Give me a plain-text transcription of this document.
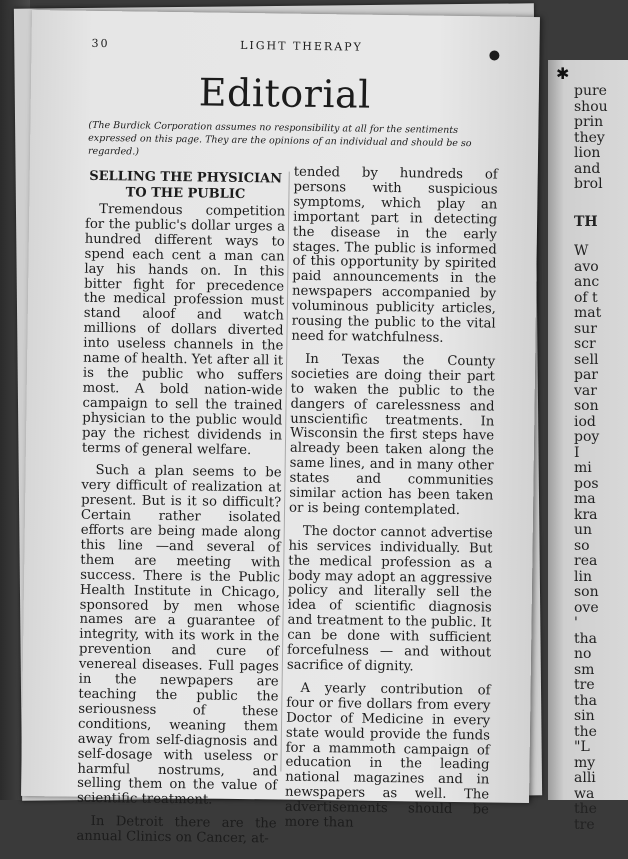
✱
pure
shou
prin
they
lion
and
brol
TH
W
avo
anc
of t
mat
sur
scr
sell
par
var
son
iod
poy
I
mi
pos
ma
kra
un
so
rea
lin
son
ove
'
tha
no
sm
tre
tha
sin
the
"L
my
alli
wa
the
tre
30	LIGHT THERAPY
Editorial
(The Burdick Corporation assumes no responsibility at all for the sentiments expressed on this page. They are the opinions of an individual and should be so regarded.)
SELLING THE PHYSICIAN TO THE PUBLIC

Tremendous competition for the public's dollar urges a hundred different ways to spend each cent a man can lay his hands on. In this bitter fight for precedence the medical profession must stand aloof and watch millions of dollars diverted into useless channels in the name of health. Yet after all it is the public who suffers most. A bold nation-wide campaign to sell the trained physician to the public would pay the richest dividends in terms of general welfare.

Such a plan seems to be very difficult of realization at present. But is it so difficult? Certain rather isolated efforts are being made along this line —and several of them are meeting with success. There is the Public Health Institute in Chicago, sponsored by men whose names are a guarantee of integrity, with its work in the prevention and cure of venereal diseases. Full pages in the newpapers are teaching the public the seriousness of these conditions, weaning them away from self-diagnosis and self-dosage with useless or harmful nostrums, and selling them on the value of scientific treatment.

In Detroit there are the annual Clinics on Cancer, at-

tended by hundreds of persons with suspicious symptoms, which play an important part in detecting the disease in the early stages. The public is informed of this opportunity by spirited paid announcements in the newspapers accompanied by voluminous publicity articles, rousing the public to the vital need for watchfulness.

In Texas the County societies are doing their part to waken the public to the dangers of carelessness and unscientific treatments. In Wisconsin the first steps have already been taken along the same lines, and in many other states and communities similar action has been taken or is being contemplated.

The doctor cannot advertise his services individually. But the medical profession as a body may adopt an aggressive policy and literally sell the idea of scientific diagnosis and treatment to the public. It can be done with sufficient forcefulness — and without sacrifice of dignity.

A yearly contribution of four or five dollars from every Doctor of Medicine in every state would provide the funds for a mammoth campaign of education in the leading national magazines and in newspapers as well. The advertisements should be more than
